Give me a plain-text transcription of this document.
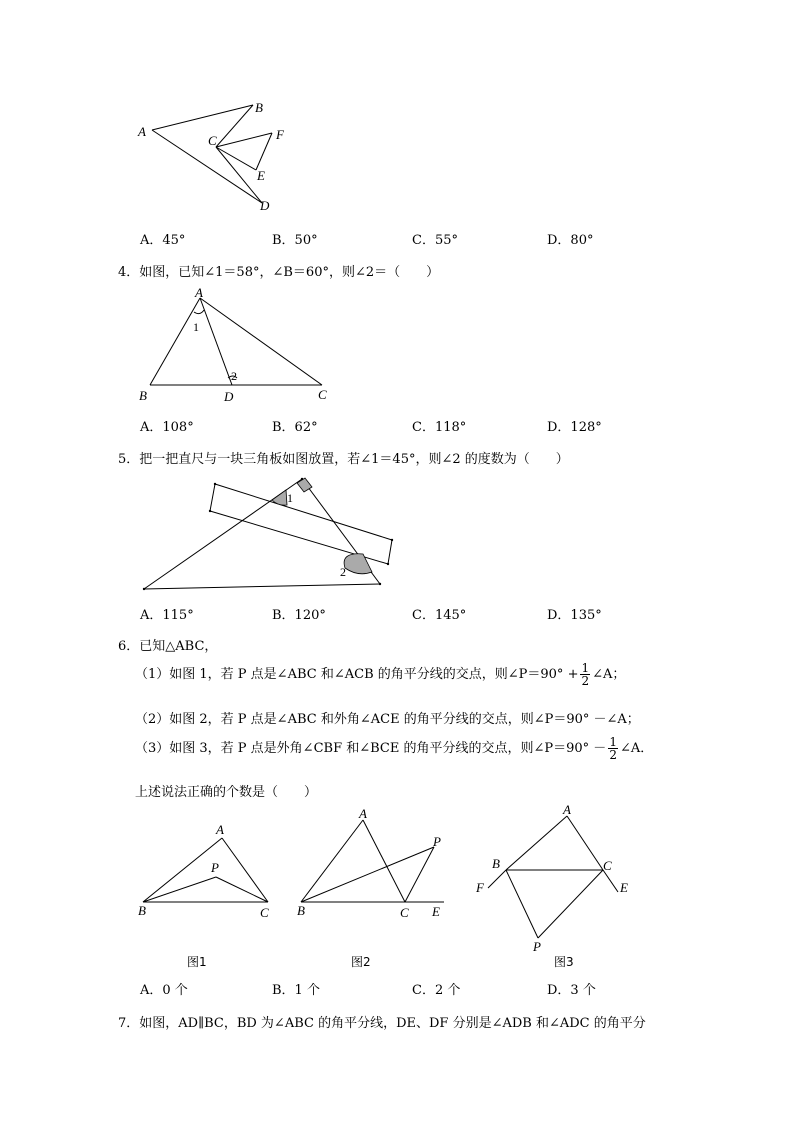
A
B
C	F
E
D
A．45°	B．50°	C．55°	D．80°
4．如图，已知∠1＝58°，∠B＝60°，则∠2＝（　　）
A
1
2
B	D	C
A．108°	B．62°	C．118°	D．128°
5．把一把直尺与一块三角板如图放置，若∠1＝45°，则∠2 的度数为（　　）
1
2
A．115°	B．120°	C．145°	D．135°
6．已知△ABC，
（1）如图 1，若 P 点是∠ABC 和∠ACB 的角平分线的交点，则∠P＝90° + $\frac{1}{2}$ ∠A；
（2）如图 2，若 P 点是∠ABC 和外角∠ACE 的角平分线的交点，则∠P＝90° －∠A；
（3）如图 3，若 P 点是外角∠CBF 和∠BCE 的角平分线的交点，则∠P＝90° － $\frac{1}{2}$ ∠A．
上述说法正确的个数是（　　）
A
P
B	C
图1
A
P
B	C E
图2
A
B	C
F	E
P
图3
A．0 个	B．1 个	C．2 个	D．3 个
7．如图，AD∥BC，BD 为∠ABC 的角平分线，DE、DF 分别是∠ADB 和∠ADC 的角平分
